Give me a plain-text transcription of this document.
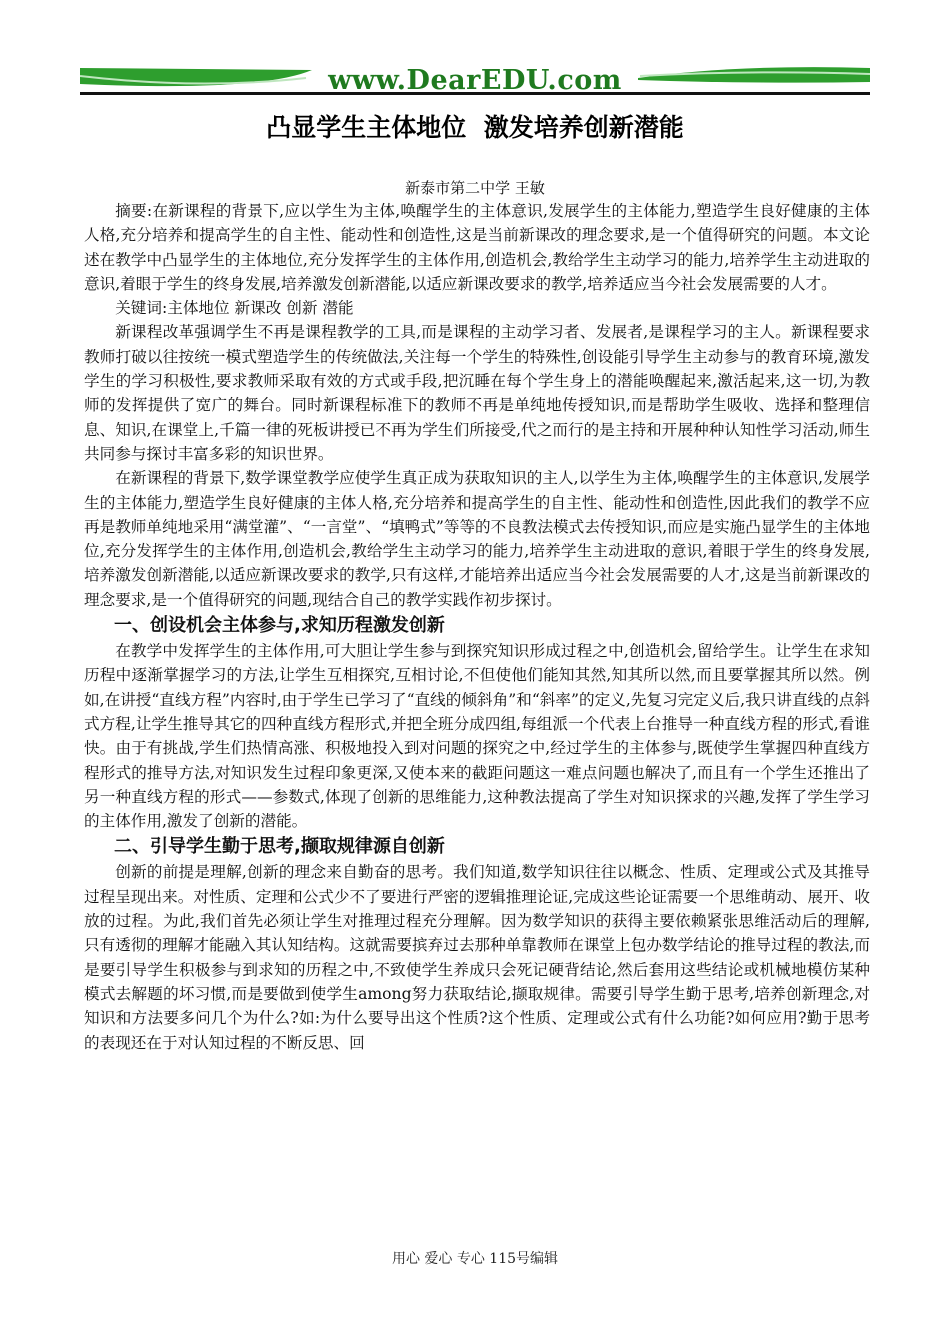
www.DearEDU.com
凸显学生主体地位  激发培养创新潜能
新泰市第二中学 王敏

摘要:在新课程的背景下,应以学生为主体,唤醒学生的主体意识,发展学生的主体能力,塑造学生良好健康的主体人格,充分培养和提高学生的自主性、能动性和创造性,这是当前新课改的理念要求,是一个值得研究的问题。本文论述在教学中凸显学生的主体地位,充分发挥学生的主体作用,创造机会,教给学生主动学习的能力,培养学生主动进取的意识,着眼于学生的终身发展,培养激发创新潜能,以适应新课改要求的教学,培养适应当今社会发展需要的人才。

关键词:主体地位 新课改 创新 潜能

新课程改革强调学生不再是课程教学的工具,而是课程的主动学习者、发展者,是课程学习的主人。新课程要求教师打破以往按统一模式塑造学生的传统做法,关注每一个学生的特殊性,创设能引导学生主动参与的教育环境,激发学生的学习积极性,要求教师采取有效的方式或手段,把沉睡在每个学生身上的潜能唤醒起来,激活起来,这一切,为教师的发挥提供了宽广的舞台。同时新课程标准下的教师不再是单纯地传授知识,而是帮助学生吸收、选择和整理信息、知识,在课堂上,千篇一律的死板讲授已不再为学生们所接受,代之而行的是主持和开展种种认知性学习活动,师生共同参与探讨丰富多彩的知识世界。

在新课程的背景下,数学课堂教学应使学生真正成为获取知识的主人,以学生为主体,唤醒学生的主体意识,发展学生的主体能力,塑造学生良好健康的主体人格,充分培养和提高学生的自主性、能动性和创造性,因此我们的教学不应再是教师单纯地采用“满堂灌”、“一言堂”、“填鸭式”等等的不良教法模式去传授知识,而应是实施凸显学生的主体地位,充分发挥学生的主体作用,创造机会,教给学生主动学习的能力,培养学生主动进取的意识,着眼于学生的终身发展,培养激发创新潜能,以适应新课改要求的教学,只有这样,才能培养出适应当今社会发展需要的人才,这是当前新课改的理念要求,是一个值得研究的问题,现结合自己的教学实践作初步探讨。

一、创设机会主体参与,求知历程激发创新

在教学中发挥学生的主体作用,可大胆让学生参与到探究知识形成过程之中,创造机会,留给学生。让学生在求知历程中逐渐掌握学习的方法,让学生互相探究,互相讨论,不但使他们能知其然,知其所以然,而且要掌握其所以然。例如,在讲授“直线方程”内容时,由于学生已学习了“直线的倾斜角”和“斜率”的定义,先复习完定义后,我只讲直线的点斜式方程,让学生推导其它的四种直线方程形式,并把全班分成四组,每组派一个代表上台推导一种直线方程的形式,看谁快。由于有挑战,学生们热情高涨、积极地投入到对问题的探究之中,经过学生的主体参与,既使学生掌握四种直线方程形式的推导方法,对知识发生过程印象更深,又使本来的截距问题这一难点问题也解决了,而且有一个学生还推出了另一种直线方程的形式——参数式,体现了创新的思维能力,这种教法提高了学生对知识探求的兴趣,发挥了学生学习的主体作用,激发了创新的潜能。

二、引导学生勤于思考,撷取规律源自创新

创新的前提是理解,创新的理念来自勤奋的思考。我们知道,数学知识往往以概念、性质、定理或公式及其推导过程呈现出来。对性质、定理和公式少不了要进行严密的逻辑推理论证,完成这些论证需要一个思维萌动、展开、收放的过程。为此,我们首先必须让学生对推理过程充分理解。因为数学知识的获得主要依赖紧张思维活动后的理解,只有透彻的理解才能融入其认知结构。这就需要摈弃过去那种单靠教师在课堂上包办数学结论的推导过程的教法,而是要引导学生积极参与到求知的历程之中,不致使学生养成只会死记硬背结论,然后套用这些结论或机械地模仿某种模式去解题的坏习惯,而是要做到使学生among努力获取结论,撷取规律。需要引导学生勤于思考,培养创新理念,对知识和方法要多问几个为什么?如:为什么要导出这个性质?这个性质、定理或公式有什么功能?如何应用?勤于思考的表现还在于对认知过程的不断反思、回

用心 爱心 专心 115号编辑
